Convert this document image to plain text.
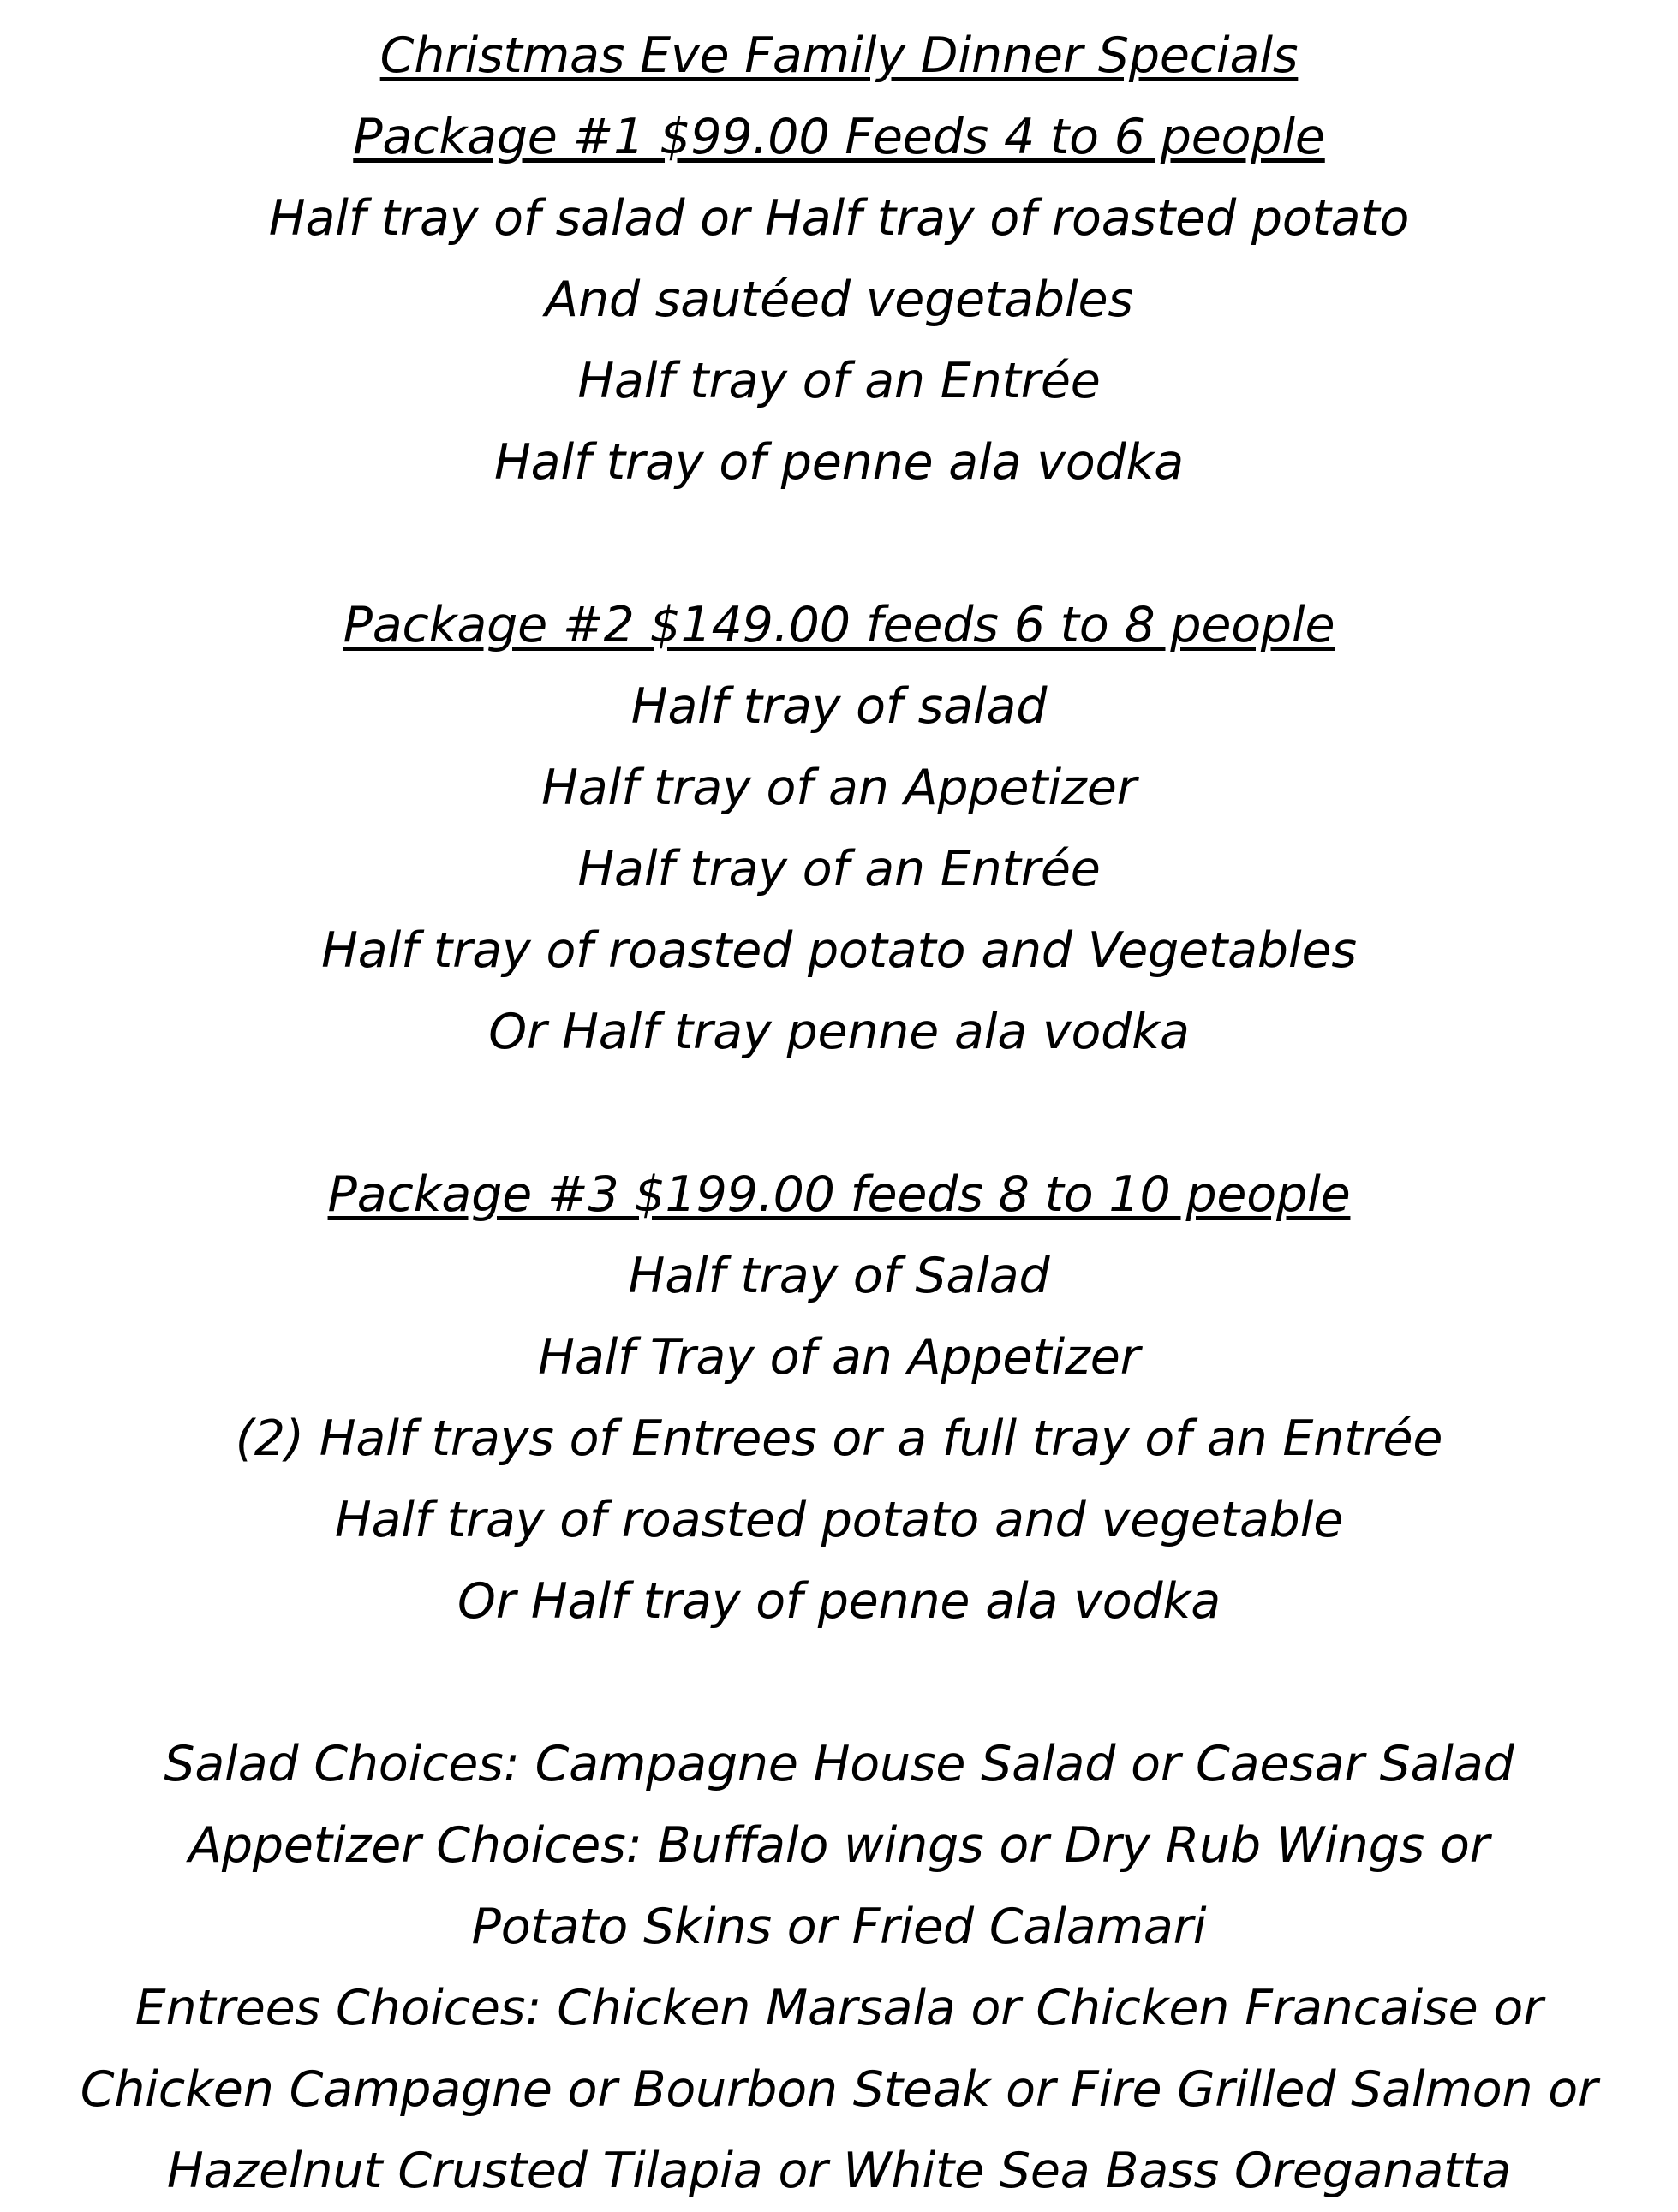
Christmas Eve Family Dinner Specials
Package #1 $99.00 Feeds 4 to 6 people
Half tray of salad or Half tray of roasted potato
And sautéed vegetables
Half tray of an Entrée
Half tray of penne ala vodka
Package #2 $149.00 feeds 6 to 8 people
Half tray of salad
Half tray of an Appetizer
Half tray of an Entrée
Half tray of roasted potato and Vegetables
Or Half tray penne ala vodka
Package #3 $199.00 feeds 8 to 10 people
Half tray of Salad
Half Tray of an Appetizer
(2) Half trays of Entrees or a full tray of an Entrée
Half tray of roasted potato and vegetable
Or Half tray of penne ala vodka
Salad Choices: Campagne House Salad or Caesar Salad
Appetizer Choices: Buffalo wings or Dry Rub Wings or
Potato Skins or Fried Calamari
Entrees Choices: Chicken Marsala or Chicken Francaise or
Chicken Campagne or Bourbon Steak or Fire Grilled Salmon or
Hazelnut Crusted Tilapia or White Sea Bass Oreganatta
